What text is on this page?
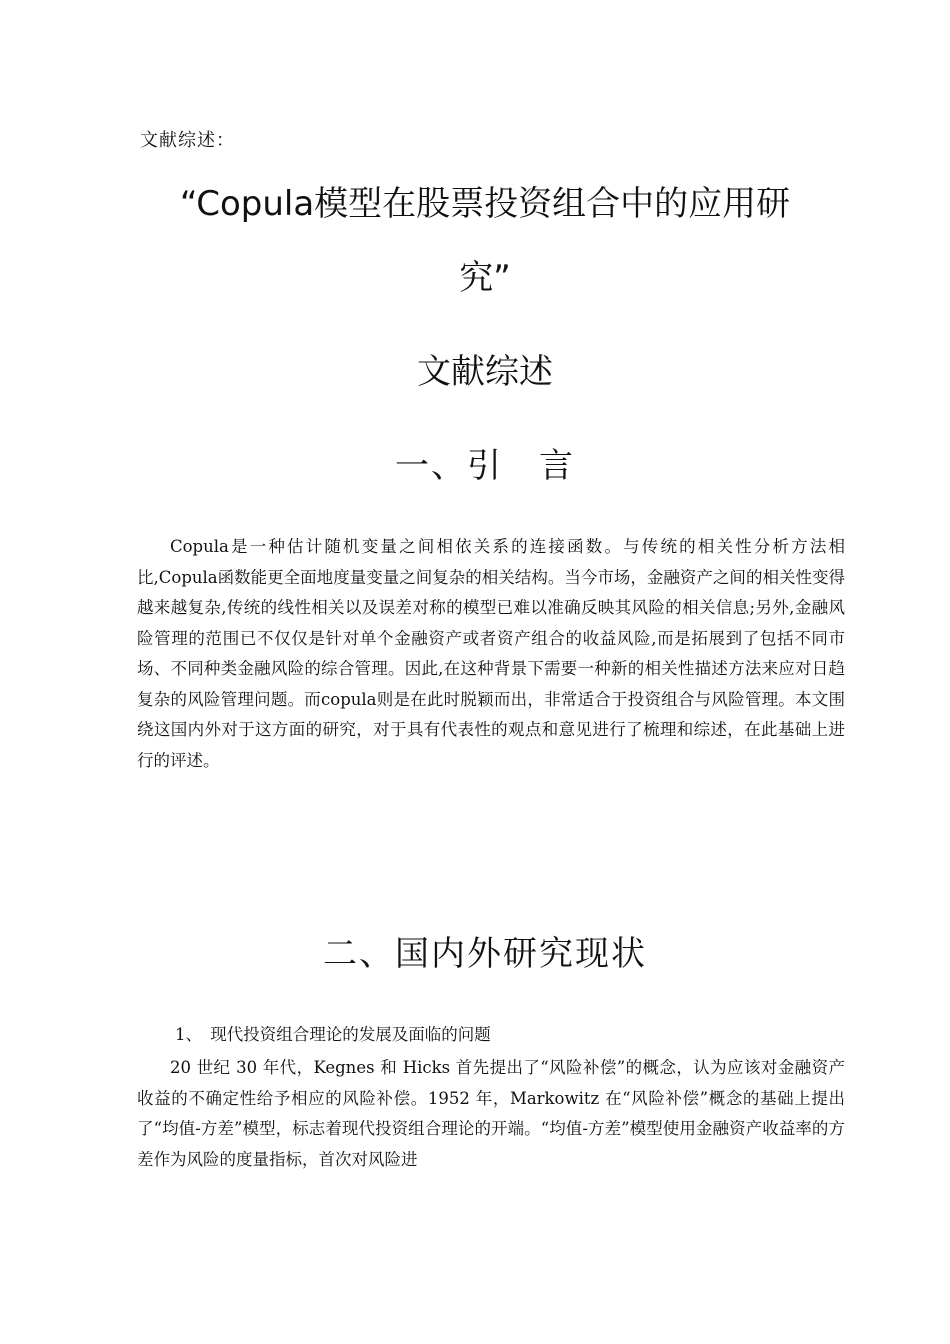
文献综述：
“Copula模型在股票投资组合中的应用研
究”
文献综述
一、引　言

Copula是一种估计随机变量之间相依关系的连接函数。与传统的相关性分析方法相比,Copula函数能更全面地度量变量之间复杂的相关结构。当今市场，金融资产之间的相关性变得越来越复杂,传统的线性相关以及误差对称的模型已难以准确反映其风险的相关信息;另外,金融风险管理的范围已不仅仅是针对单个金融资产或者资产组合的收益风险,而是拓展到了包括不同市场、不同种类金融风险的综合管理。因此,在这种背景下需要一种新的相关性描述方法来应对日趋复杂的风险管理问题。而copula则是在此时脱颖而出，非常适合于投资组合与风险管理。本文围绕这国内外对于这方面的研究，对于具有代表性的观点和意见进行了梳理和综述，在此基础上进行的评述。

二、国内外研究现状
1、　现代投资组合理论的发展及面临的问题

20 世纪 30 年代，Kegnes 和 Hicks 首先提出了“风险补偿”的概念，认为应该对金融资产收益的不确定性给予相应的风险补偿。1952 年，Markowitz 在“风险补偿”概念的基础上提出了“均值-方差”模型，标志着现代投资组合理论的开端。“均值-方差”模型使用金融资产收益率的方差作为风险的度量指标，首次对风险进
